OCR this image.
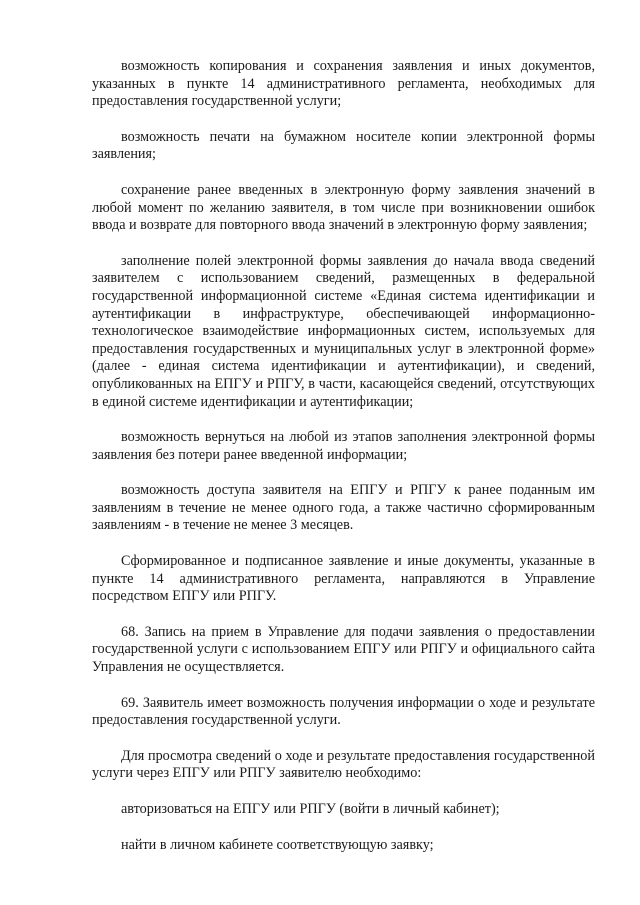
возможность копирования и сохранения заявления и иных документов, указанных в пункте 14 административного регламента, необходимых для предоставления государственной услуги;

возможность печати на бумажном носителе копии электронной формы заявления;

сохранение ранее введенных в электронную форму заявления значений в любой момент по желанию заявителя, в том числе при возникновении ошибок ввода и возврате для повторного ввода значений в электронную форму заявления;

заполнение полей электронной формы заявления до начала ввода сведений заявителем с использованием сведений, размещенных в федеральной государственной информационной системе «Единая система идентификации и аутентификации в инфраструктуре, обеспечивающей информационно-технологическое взаимодействие информационных систем, используемых для предоставления государственных и муниципальных услуг в электронной форме» (далее - единая система идентификации и аутентификации), и сведений, опубликованных на ЕПГУ и РПГУ, в части, касающейся сведений, отсутствующих в единой системе идентификации и аутентификации;

возможность вернуться на любой из этапов заполнения электронной формы заявления без потери ранее введенной информации;

возможность доступа заявителя на ЕПГУ и РПГУ к ранее поданным им заявлениям в течение не менее одного года, а также частично сформированным заявлениям - в течение не менее 3 месяцев.

Сформированное и подписанное заявление и иные документы, указанные в пункте 14 административного регламента, направляются в Управление посредством ЕПГУ или РПГУ.

68. Запись на прием в Управление для подачи заявления о предоставлении государственной услуги с использованием ЕПГУ или РПГУ и официального сайта Управления не осуществляется.

69. Заявитель имеет возможность получения информации о ходе и результате предоставления государственной услуги.

Для просмотра сведений о ходе и результате предоставления государственной услуги через ЕПГУ или РПГУ заявителю необходимо:

авторизоваться на ЕПГУ или РПГУ (войти в личный кабинет);

найти в личном кабинете соответствующую заявку;
